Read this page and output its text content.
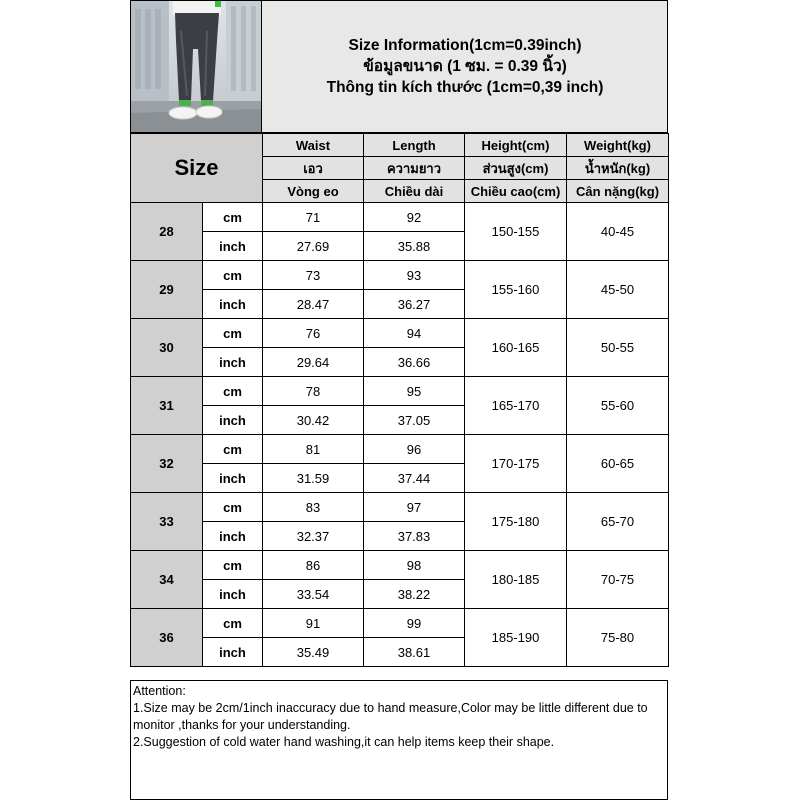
Size Information(1cm=0.39inch)
ข้อมูลขนาด (1 ซม. = 0.39 นิ้ว)
Thông tin kích thước (1cm=0,39 inch)
Size		Waist	Length	Height(cm)	Weight(kg)
		เอว	ความยาว	ส่วนสูง(cm)	น้ำหนัก(kg)
		Vòng eo	Chiều dài	Chiều cao(cm)	Cân nặng(kg)
28	cm	71	92	150-155	40-45
	inch	27.69	35.88		
29	cm	73	93	155-160	45-50
	inch	28.47	36.27		
30	cm	76	94	160-165	50-55
	inch	29.64	36.66		
31	cm	78	95	165-170	55-60
	inch	30.42	37.05		
32	cm	81	96	170-175	60-65
	inch	31.59	37.44		
33	cm	83	97	175-180	65-70
	inch	32.37	37.83		
34	cm	86	98	180-185	70-75
	inch	33.54	38.22		
36	cm	91	99	185-190	75-80
	inch	35.49	38.61		
Attention:
1.Size may be 2cm/1inch inaccuracy due to hand measure,Color may be little different due to monitor ,thanks for your understanding.
2.Suggestion of cold water hand washing,it can help items keep their shape.
